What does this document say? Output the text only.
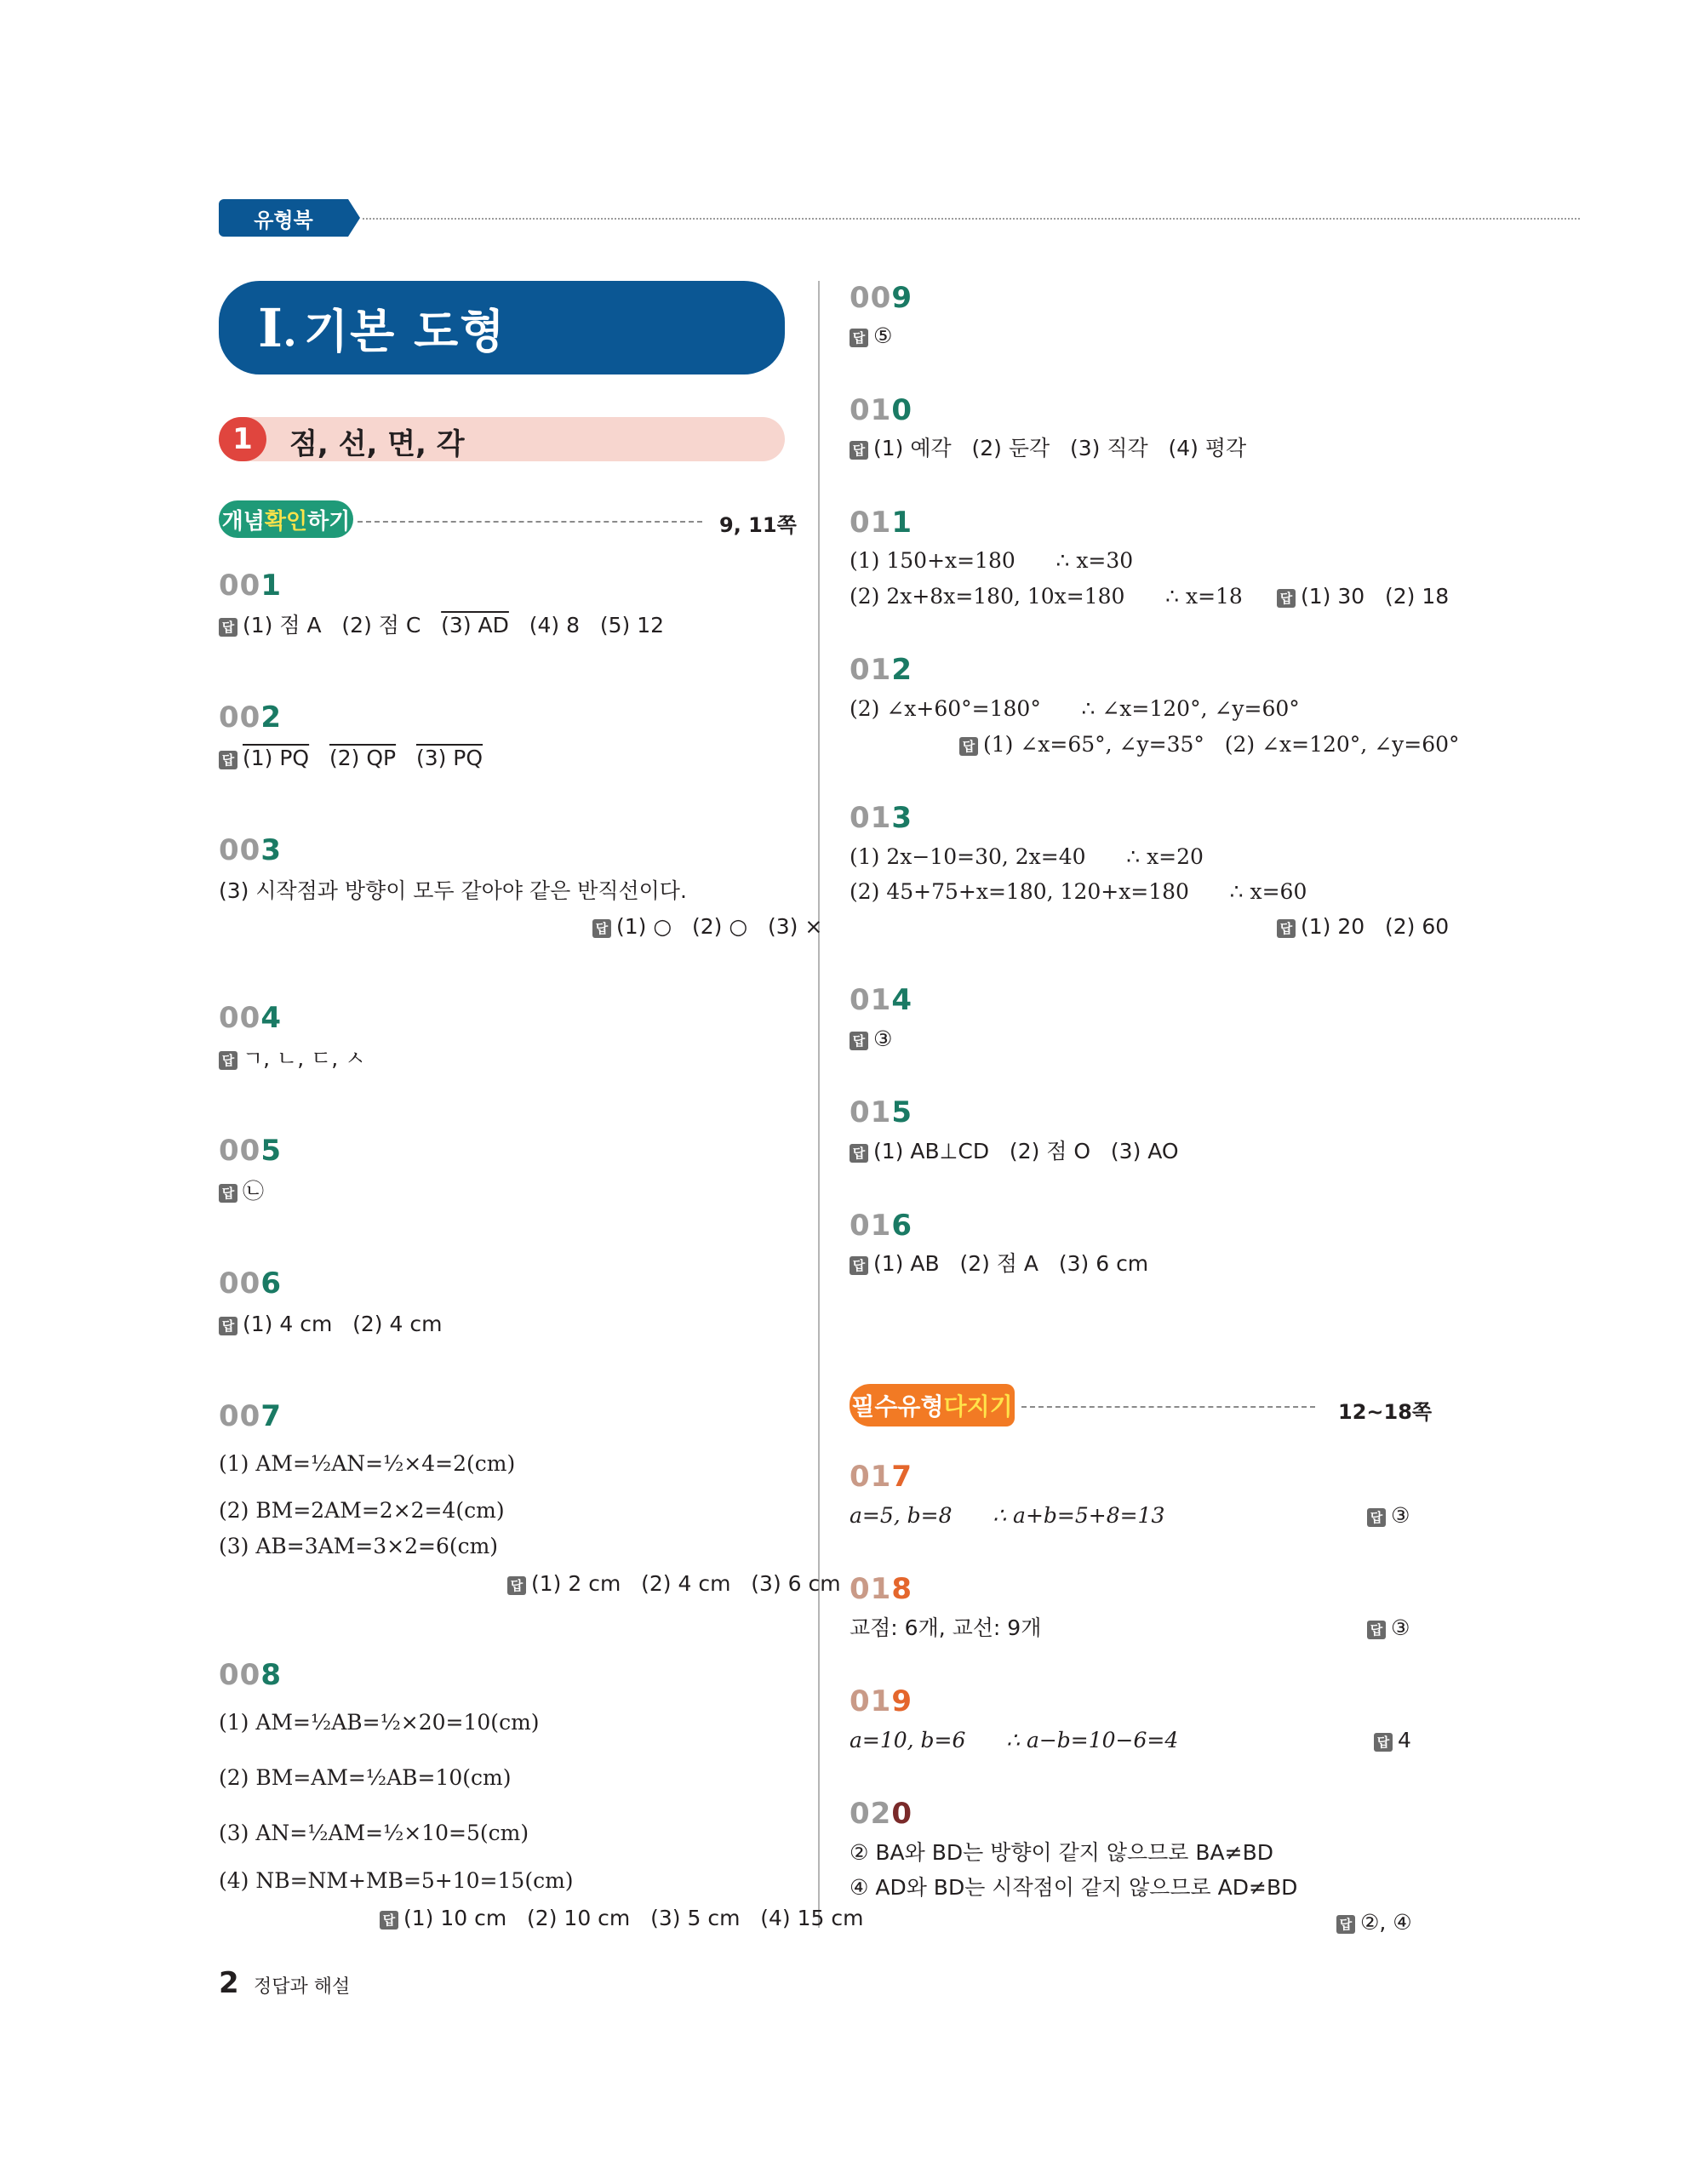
유형북
I 기본 도형
1	점, 선, 면, 각
개념 확인 하기	9, 11쪽
001
답 (1) 점 A (2) 점 C (3) AD (4) 8 (5) 12
002
답 (1) PQ (2) QP (3) PQ
003
(3) 시작점과 방향이 모두 같아야 같은 반직선이다.
답 (1) ○   (2) ○   (3) ×
004
답 ㄱ, ㄴ, ㄷ, ㅅ
005
답 ㉡
006
답 (1) 4 cm   (2) 4 cm
007
(1) AM=½AN=½×4=2(cm)
(2) BM=2AM=2×2=4(cm)
(3) AB=3AM=3×2=6(cm)
답 (1) 2 cm   (2) 4 cm   (3) 6 cm
008
(1) AM=½AB=½×20=10(cm)
(2) BM=AM=½AB=10(cm)
(3) AN=½AM=½×10=5(cm)
(4) NB=NM+MB=5+10=15(cm)
답 (1) 10 cm   (2) 10 cm   (3) 5 cm   (4) 15 cm
009
답 ⑤
010
답 (1) 예각   (2) 둔각   (3) 직각   (4) 평각
011
(1) 150+x=180      ∴ x=30
(2) 2x+8x=180, 10x=180      ∴ x=18	답 (1) 30   (2) 18
012
(2) ∠x+60°=180°      ∴ ∠x=120°, ∠y=60°
답 (1) ∠x=65°, ∠y=35°   (2) ∠x=120°, ∠y=60°
013
(1) 2x−10=30, 2x=40      ∴ x=20
(2) 45+75+x=180, 120+x=180      ∴ x=60
답 (1) 20   (2) 60
014
답 ③
015
답 (1) AB⊥CD   (2) 점 O   (3) AO
016
답 (1) AB   (2) 점 A   (3) 6 cm
필수유형 다지기	12~18쪽
017
a=5, b=8      ∴ a+b=5+8=13	답 ③
018
교점: 6개, 교선: 9개	답 ③
019
a=10, b=6      ∴ a−b=10−6=4	답 4
020
② BA와 BD는 방향이 같지 않으므로 BA≠BD
④ AD와 BD는 시작점이 같지 않으므로 AD≠BD
답 ②, ④
2 정답과 해설
